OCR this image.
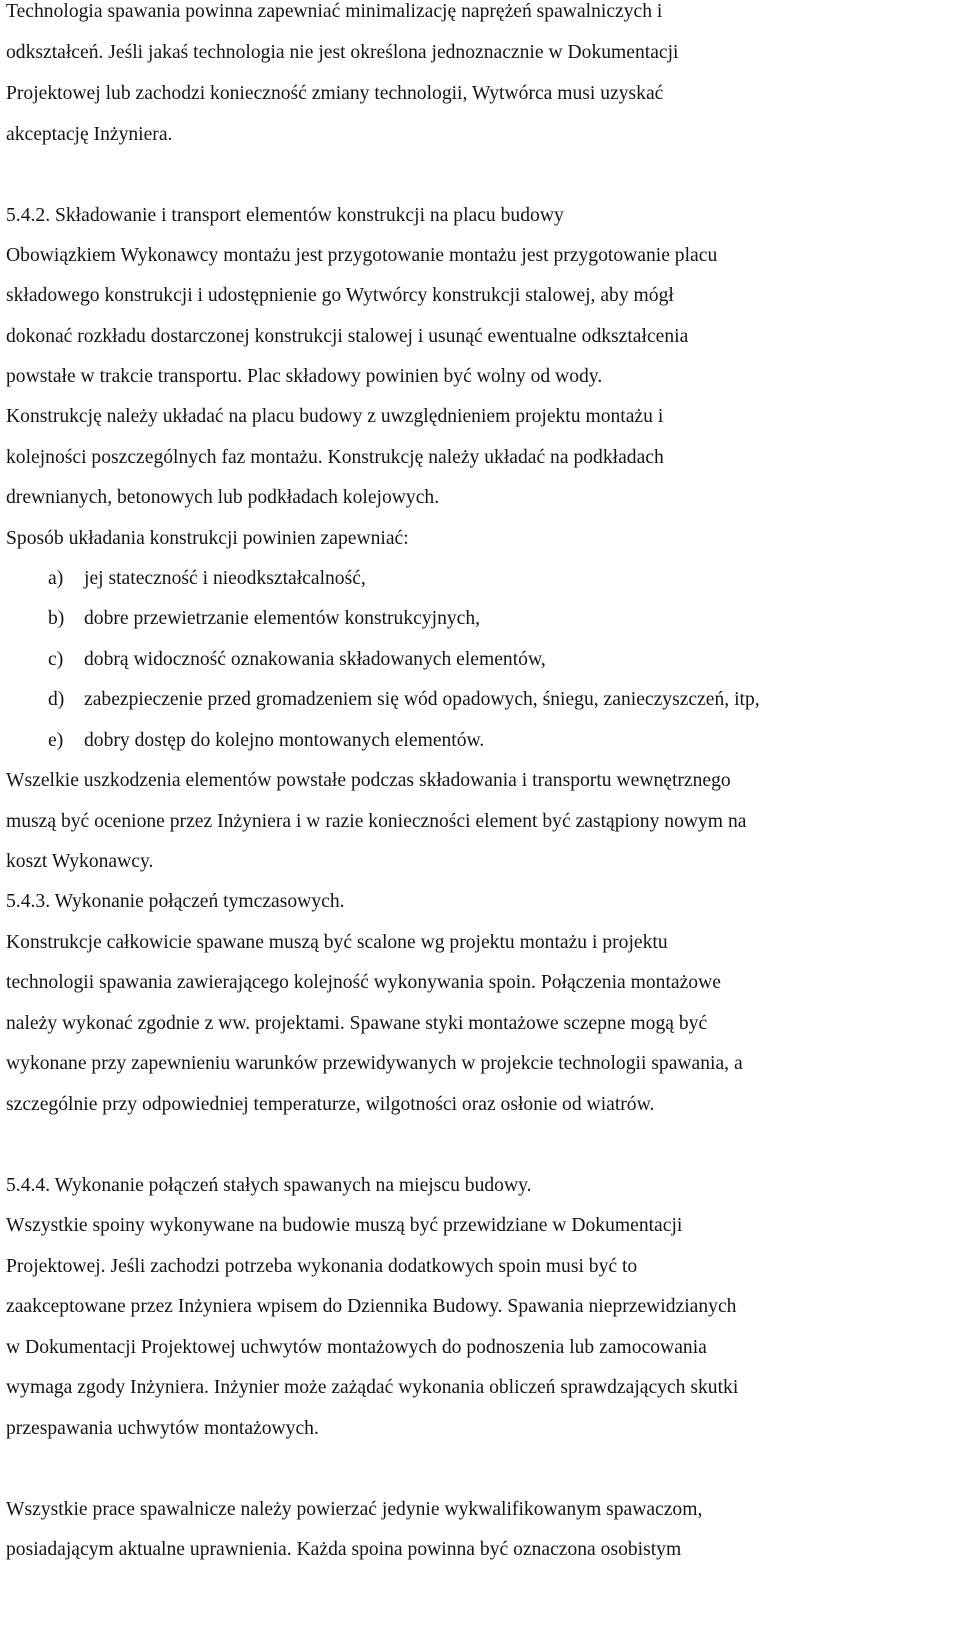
Technologia spawania powinna zapewniać minimalizację naprężeń spawalniczych i
odkształceń. Jeśli jakaś technologia nie jest określona jednoznacznie w Dokumentacji
Projektowej lub zachodzi konieczność zmiany technologii, Wytwórca musi uzyskać
akceptację Inżyniera.
5.4.2. Składowanie i transport elementów konstrukcji na placu budowy
Obowiązkiem Wykonawcy montażu jest przygotowanie montażu jest przygotowanie placu
składowego konstrukcji i udostępnienie go Wytwórcy konstrukcji stalowej, aby mógł
dokonać rozkładu dostarczonej konstrukcji stalowej i usunąć ewentualne odkształcenia
powstałe w trakcie transportu. Plac składowy powinien być wolny od wody.
Konstrukcję należy układać na placu budowy z uwzględnieniem projektu montażu i
kolejności poszczególnych faz montażu. Konstrukcję należy układać na podkładach
drewnianych, betonowych lub podkładach kolejowych.
Sposób układania konstrukcji powinien zapewniać:
a) jej stateczność i nieodkształcalność,
b) dobre przewietrzanie elementów konstrukcyjnych,
c) dobrą widoczność oznakowania składowanych elementów,
d) zabezpieczenie przed gromadzeniem się wód opadowych, śniegu, zanieczyszczeń, itp,
e) dobry dostęp do kolejno montowanych elementów.
Wszelkie uszkodzenia elementów powstałe podczas składowania i transportu wewnętrznego
muszą być ocenione przez Inżyniera i w razie konieczności element być zastąpiony nowym na
koszt Wykonawcy.
5.4.3. Wykonanie połączeń tymczasowych.
Konstrukcje całkowicie spawane muszą być scalone wg projektu montażu i projektu
technologii spawania zawierającego kolejność wykonywania spoin. Połączenia montażowe
należy wykonać zgodnie z ww. projektami. Spawane styki montażowe sczepne mogą być
wykonane przy zapewnieniu warunków przewidywanych w projekcie technologii spawania, a
szczególnie przy odpowiedniej temperaturze, wilgotności oraz osłonie od wiatrów.
5.4.4. Wykonanie połączeń stałych spawanych na miejscu budowy.
Wszystkie spoiny wykonywane na budowie muszą być przewidziane w Dokumentacji
Projektowej. Jeśli zachodzi potrzeba wykonania dodatkowych spoin musi być to
zaakceptowane przez Inżyniera wpisem do Dziennika Budowy. Spawania nieprzewidzianych
w Dokumentacji Projektowej uchwytów montażowych do podnoszenia lub zamocowania
wymaga zgody Inżyniera. Inżynier może zażądać wykonania obliczeń sprawdzających skutki
przespawania uchwytów montażowych.
Wszystkie prace spawalnicze należy powierzać jedynie wykwalifikowanym spawaczom,
posiadającym aktualne uprawnienia. Każda spoina powinna być oznaczona osobistym
